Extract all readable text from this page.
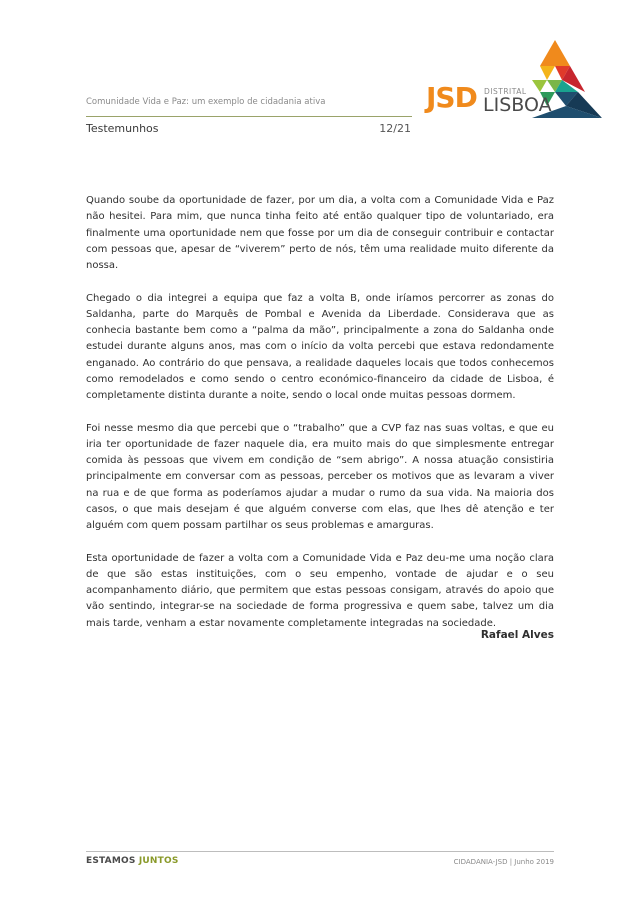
Comunidade Vida e Paz: um exemplo de cidadania ativa
Testemunhos	12/21
JSD DISTRITAL
LISBOA

Quando soube da oportunidade de fazer, por um dia, a volta com a Comunidade Vida e Paz não hesitei. Para mim, que nunca tinha feito até então qualquer tipo de voluntariado, era finalmente uma oportunidade nem que fosse por um dia de conseguir contribuir e contactar com pessoas que, apesar de “viverem” perto de nós, têm uma realidade muito diferente da nossa.

Chegado o dia integrei a equipa que faz a volta B, onde iríamos percorrer as zonas do Saldanha, parte do Marquês de Pombal e Avenida da Liberdade. Considerava que as conhecia bastante bem como a “palma da mão”, principalmente a zona do Saldanha onde estudei durante alguns anos, mas com o início da volta percebi que estava redondamente enganado. Ao contrário do que pensava, a realidade daqueles locais que todos conhecemos como remodelados e como sendo o centro económico-financeiro da cidade de Lisboa, é completamente distinta durante a noite, sendo o local onde muitas pessoas dormem.

Foi nesse mesmo dia que percebi que o “trabalho” que a CVP faz nas suas voltas, e que eu iria ter oportunidade de fazer naquele dia, era muito mais do que simplesmente entregar comida às pessoas que vivem em condição de “sem abrigo”. A nossa atuação consistiria principalmente em conversar com as pessoas, perceber os motivos que as levaram a viver na rua e de que forma as poderíamos ajudar a mudar o rumo da sua vida. Na maioria dos casos, o que mais desejam é que alguém converse com elas, que lhes dê atenção e ter alguém com quem possam partilhar os seus problemas e amarguras.

Esta oportunidade de fazer a volta com a Comunidade Vida e Paz deu-me uma noção clara de que são estas instituições, com o seu empenho, vontade de ajudar e o seu acompanhamento diário, que permitem que estas pessoas consigam, através do apoio que vão sentindo, integrar-se na sociedade de forma progressiva e quem sabe, talvez um dia mais tarde, venham a estar novamente completamente integradas na sociedade.

Rafael Alves
ESTAMOS JUNTOS	CIDADANIA-JSD | Junho 2019
